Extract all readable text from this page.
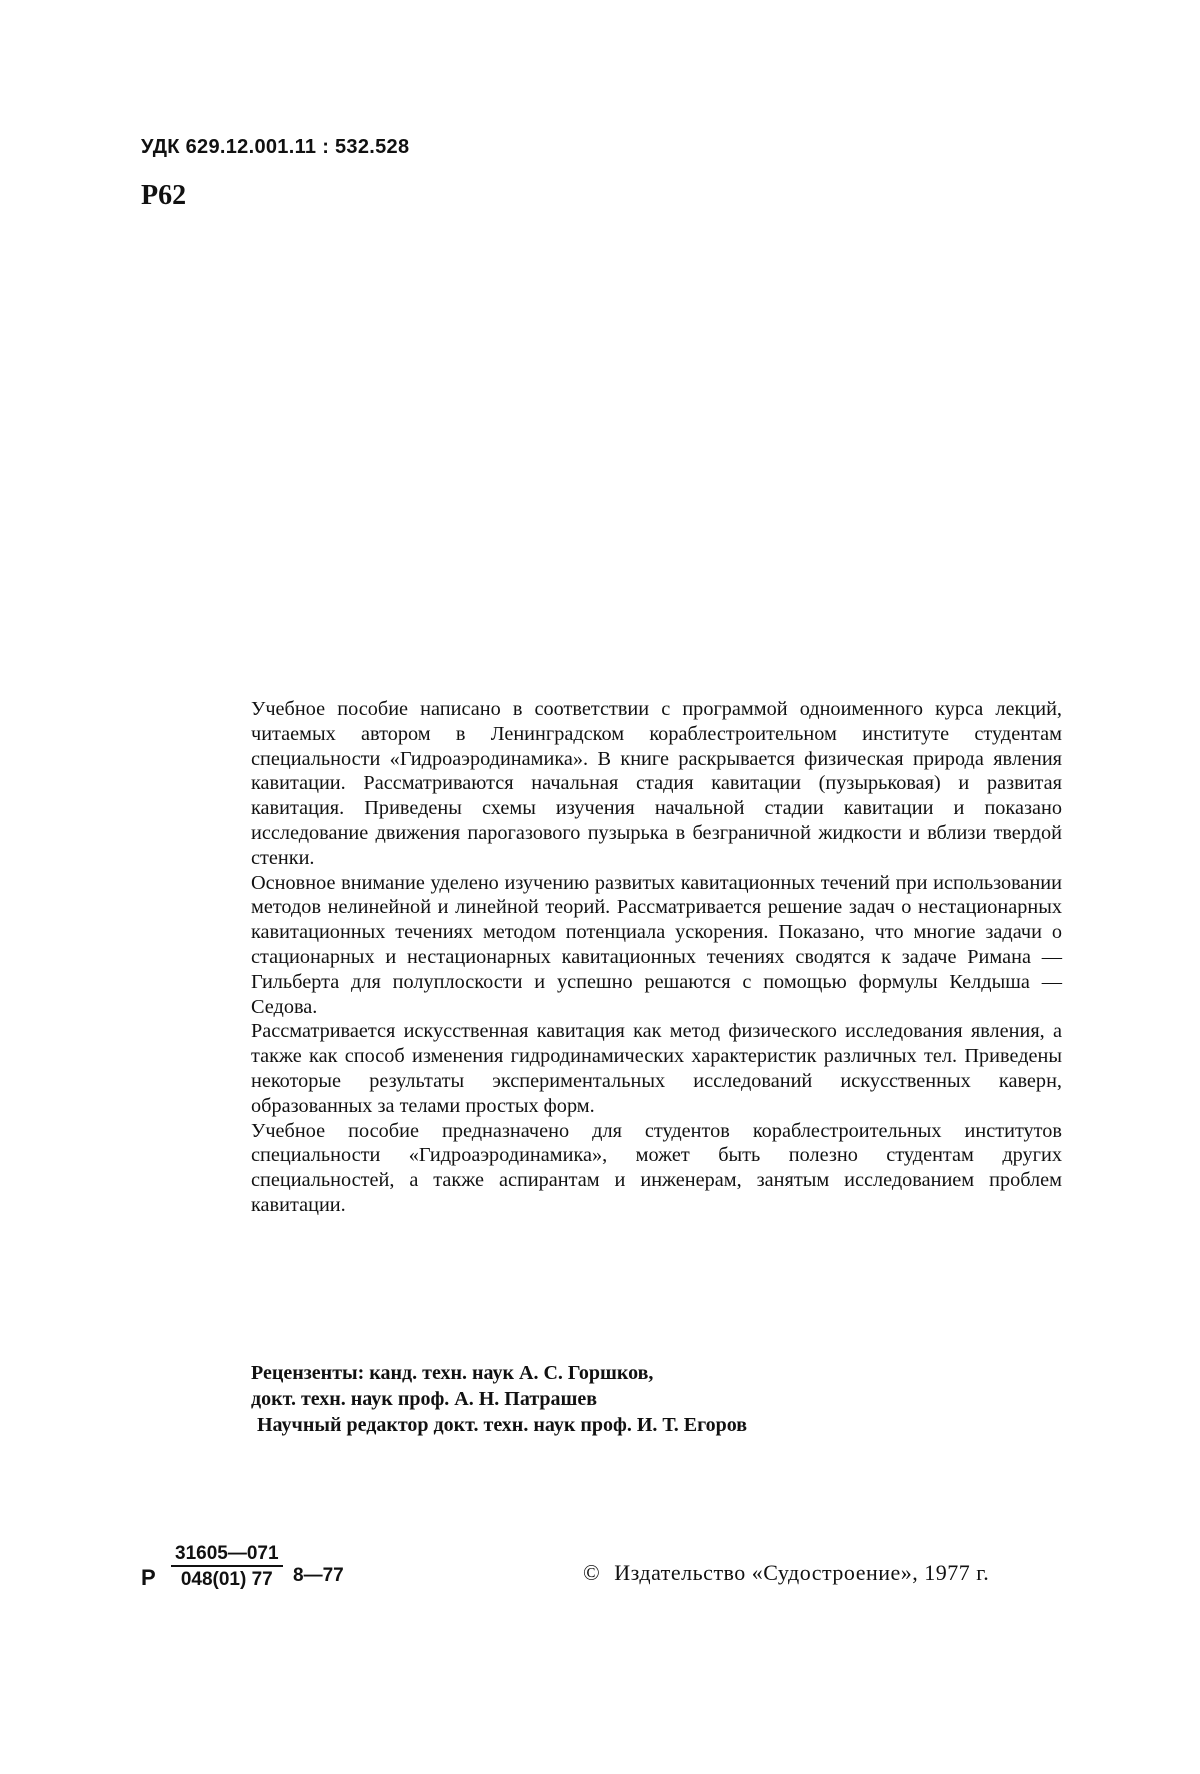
УДК 629.12.001.11 : 532.528
Р62

Учебное пособие написано в соответствии с программой одноименного курса лекций, читаемых автором в Ленинградском кораблестроительном институте студентам специальности «Гидроаэродинамика». В книге раскрывается физическая природа явления кавитации. Рассматриваются начальная стадия кавитации (пузырьковая) и развитая кавитация. Приведены схемы изучения начальной стадии кавитации и показано исследование движения парогазового пузырька в безграничной жидкости и вблизи твердой стенки.

Основное внимание уделено изучению развитых кавитационных течений при использовании методов нелинейной и линейной теорий. Рассматривается решение задач о нестационарных кавитационных течениях методом потенциала ускорения. Показано, что многие задачи о стационарных и нестационарных кавитационных течениях сводятся к задаче Римана — Гильберта для полуплоскости и успешно решаются с помощью формулы Келдыша — Седова.

Рассматривается искусственная кавитация как метод физического исследования явления, а также как способ изменения гидродинамических характеристик различных тел. Приведены некоторые результаты экспериментальных исследований искусственных каверн, образованных за телами простых форм.

Учебное пособие предназначено для студентов кораблестроительных институтов специальности «Гидроаэродинамика», может быть полезно студентам других специальностей, а также аспирантам и инженерам, занятым исследованием проблем кавитации.

Рецензенты: канд. техн. наук А. С. Горшков,
докт. техн. наук проф. А. Н. Патрашев
Научный редактор докт. техн. наук проф. И. Т. Егоров
Р $\frac{31605—071}{048(01) 77}$ 8—77	© Издательство «Судостроение», 1977 г.
